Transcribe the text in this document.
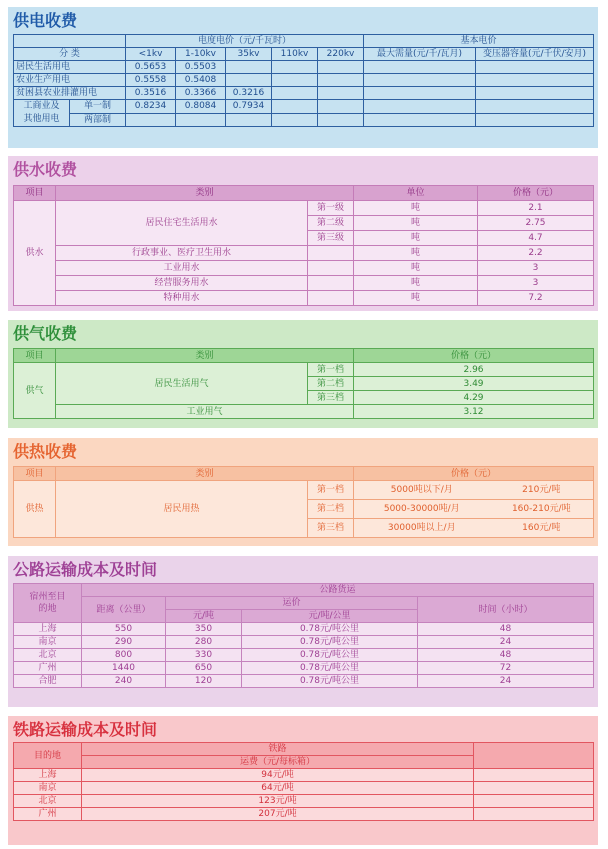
供电收费
		电度电价（元/千瓦时）					基本电价	
分 类		<1kv	1-10kv	35kv	110kv	220kv	最大需量(元/千/瓦月)	变压器容量(元/千伏/安月)
居民生活用电		0.5653	0.5503					
农业生产用电		0.5558	0.5408					
贫困县农业排灌用电		0.3516	0.3366	0.3216				
工商业及
其他用电	单一制	0.8234	0.8084	0.7934				
	两部制							
供水收费
项目	类别		单位	价格（元）
供水	居民住宅生活用水	第一级	吨	2.1
		第二级	吨	2.75
		第三级	吨	4.7
	行政事业、医疗卫生用水		吨	2.2
	工业用水		吨	3
	经营服务用水		吨	3
	特种用水		吨	7.2
供气收费
项目	类别		价格（元）
供气	居民生活用气	第一档	2.96
		第二档	3.49
		第三档	4.29
	工业用气		3.12
供热收费
项目	类别		价格（元）	
供热	居民用热	第一档	5000吨以下/月	210元/吨
		第二档	5000-30000吨/月	160-210元/吨
		第三档	30000吨以上/月	160元/吨
公路运输成本及时间
宿州至目
的地	公路货运			
	距离（公里）	运价		时间（小时）
		元/吨	元/吨/公里	
上海	550	350	0.78元/吨公里	48
南京	290	280	0.78元/吨公里	24
北京	800	330	0.78元/吨公里	48
广州	1440	650	0.78元/吨公里	72
合肥	240	120	0.78元/吨公里	24
铁路运输成本及时间
目的地	铁路	
	运费（元/每标箱）	
上海	94元/吨	
南京	64元/吨	
北京	123元/吨	
广州	207元/吨	
